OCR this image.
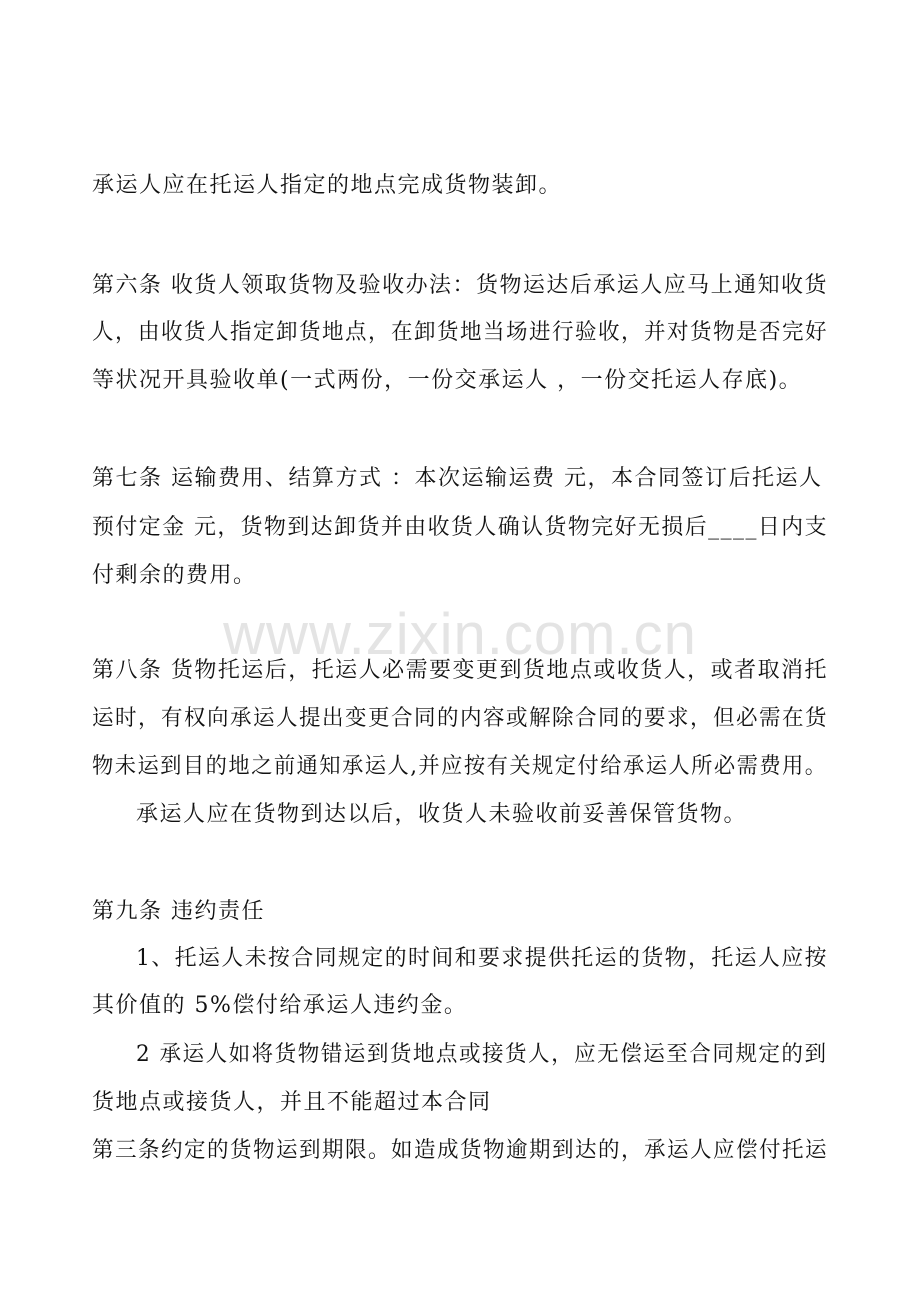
www.zixin.com.cn
承运人应在托运人指定的地点完成货物装卸。
第六条 收货人领取货物及验收办法：货物运达后承运人应马上通知收货
人，由收货人指定卸货地点，在卸货地当场进行验收，并对货物是否完好
等状况开具验收单(一式两份，一份交承运人 ，一份交托运人存底)。
第七条 运输费用、结算方式 ：本次运输运费 元，本合同签订后托运人
预付定金 元，货物到达卸货并由收货人确认货物完好无损后____日内支
付剩余的费用。
第八条 货物托运后，托运人必需要变更到货地点或收货人，或者取消托
运时，有权向承运人提出变更合同的内容或解除合同的要求，但必需在货
物未运到目的地之前通知承运人,并应按有关规定付给承运人所必需费用。
承运人应在货物到达以后，收货人未验收前妥善保管货物。
第九条 违约责任
1、托运人未按合同规定的时间和要求提供托运的货物，托运人应按
其价值的 5%偿付给承运人违约金。
2 承运人如将货物错运到货地点或接货人，应无偿运至合同规定的到
货地点或接货人，并且不能超过本合同
第三条约定的货物运到期限。如造成货物逾期到达的，承运人应偿付托运
